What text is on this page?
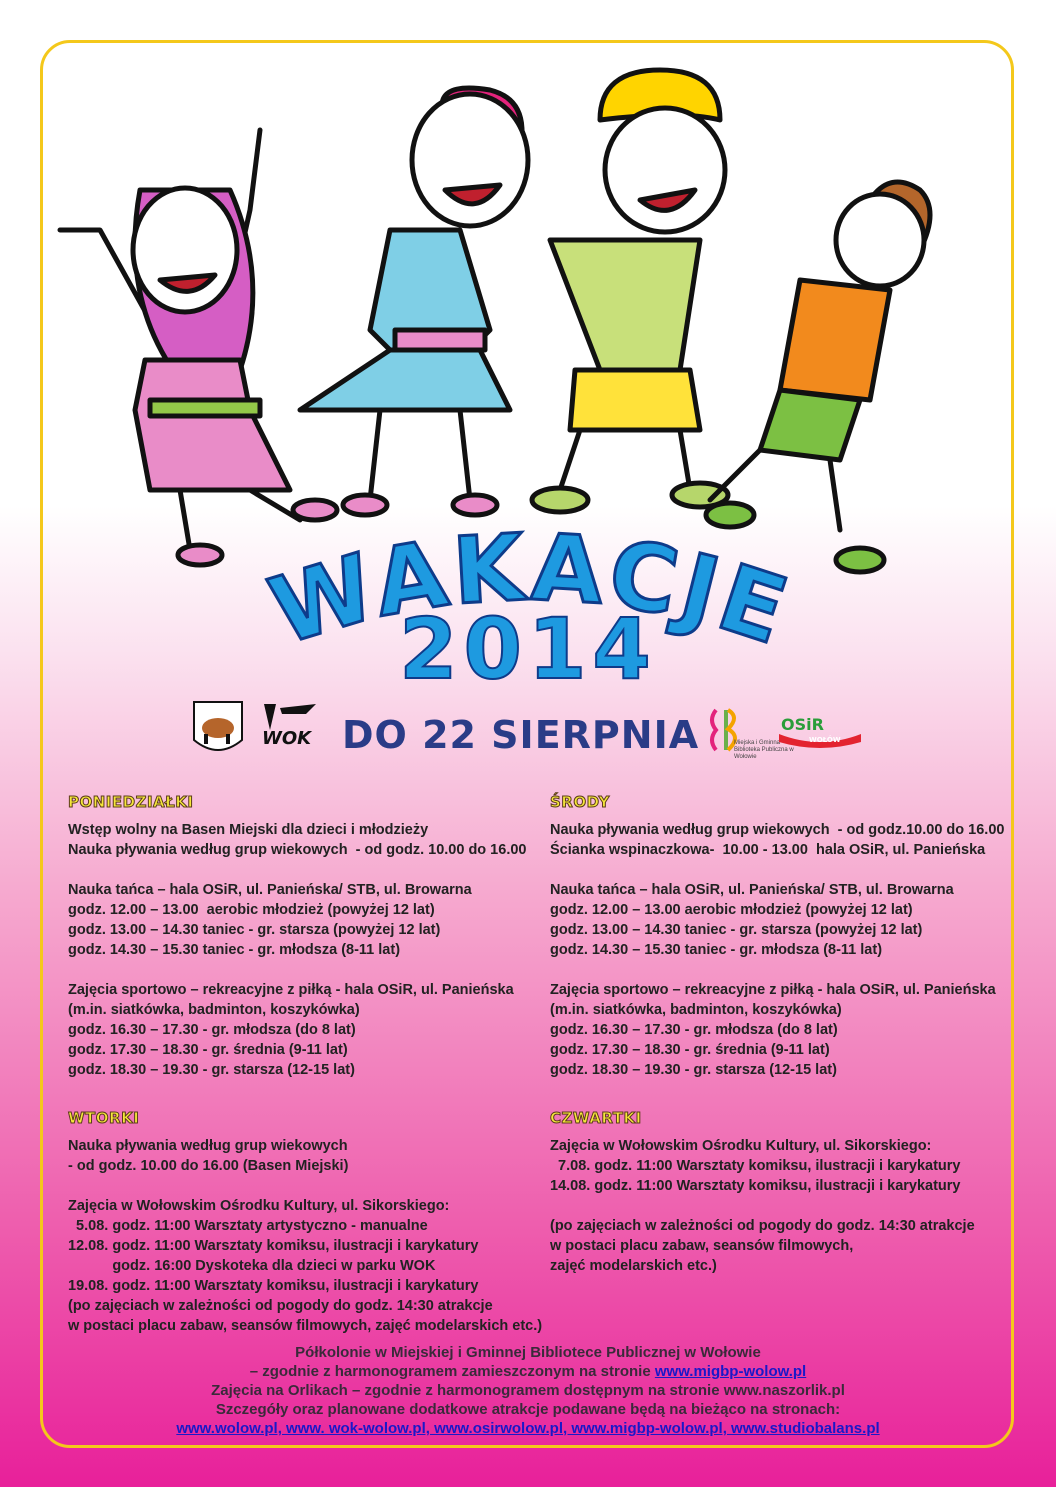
WAKACJE
2014
DO 22 SIERPNIA
WOK	Miejska i Gminna Biblioteka Publiczna w Wołowie
OSiR
WOŁÓW
PONIEDZIAŁKI
Wstęp wolny na Basen Miejski dla dzieci i młodzieży
Nauka pływania według grup wiekowych  - od godz. 10.00 do 16.00
Nauka tańca – hala OSiR, ul. Panieńska/ STB, ul. Browarna
godz. 12.00 – 13.00  aerobic młodzież (powyżej 12 lat)
godz. 13.00 – 14.30 taniec - gr. starsza (powyżej 12 lat)
godz. 14.30 – 15.30 taniec - gr. młodsza (8-11 lat)
Zajęcia sportowo – rekreacyjne z piłką - hala OSiR, ul. Panieńska
(m.in. siatkówka, badminton, koszykówka)
godz. 16.30 – 17.30 - gr. młodsza (do 8 lat)
godz. 17.30 – 18.30 - gr. średnia (9-11 lat)
godz. 18.30 – 19.30 - gr. starsza (12-15 lat)
ŚRODY
Nauka pływania według grup wiekowych  - od godz.10.00 do 16.00
Ścianka wspinaczkowa-  10.00 - 13.00  hala OSiR, ul. Panieńska
Nauka tańca – hala OSiR, ul. Panieńska/ STB, ul. Browarna
godz. 12.00 – 13.00 aerobic młodzież (powyżej 12 lat)
godz. 13.00 – 14.30 taniec - gr. starsza (powyżej 12 lat)
godz. 14.30 – 15.30 taniec - gr. młodsza (8-11 lat)
Zajęcia sportowo – rekreacyjne z piłką - hala OSiR, ul. Panieńska
(m.in. siatkówka, badminton, koszykówka)
godz. 16.30 – 17.30 - gr. młodsza (do 8 lat)
godz. 17.30 – 18.30 - gr. średnia (9-11 lat)
godz. 18.30 – 19.30 - gr. starsza (12-15 lat)
WTORKI
Nauka pływania według grup wiekowych
- od godz. 10.00 do 16.00 (Basen Miejski)
Zajęcia w Wołowskim Ośrodku Kultury, ul. Sikorskiego:
5.08. godz. 11:00 Warsztaty artystyczno - manualne
12.08. godz. 11:00 Warsztaty komiksu, ilustracji i karykatury
godz. 16:00 Dyskoteka dla dzieci w parku WOK
19.08. godz. 11:00 Warsztaty komiksu, ilustracji i karykatury
(po zajęciach w zależności od pogody do godz. 14:30 atrakcje
w postaci placu zabaw, seansów filmowych, zajęć modelarskich etc.)
CZWARTKI
Zajęcia w Wołowskim Ośrodku Kultury, ul. Sikorskiego:
7.08. godz. 11:00 Warsztaty komiksu, ilustracji i karykatury
14.08. godz. 11:00 Warsztaty komiksu, ilustracji i karykatury
(po zajęciach w zależności od pogody do godz. 14:30 atrakcje
w postaci placu zabaw, seansów filmowych,
zajęć modelarskich etc.)
Półkolonie w Miejskiej i Gminnej Bibliotece Publicznej w Wołowie
– zgodnie z harmonogramem zamieszczonym na stronie www.migbp-wolow.pl
Zajęcia na Orlikach – zgodnie z harmonogramem dostępnym na stronie www.naszorlik.pl
Szczegóły oraz planowane dodatkowe atrakcje podawane będą na bieżąco na stronach:
www.wolow.pl, www. wok-wolow.pl, www.osirwolow.pl, www.migbp-wolow.pl, www.studiobalans.pl
